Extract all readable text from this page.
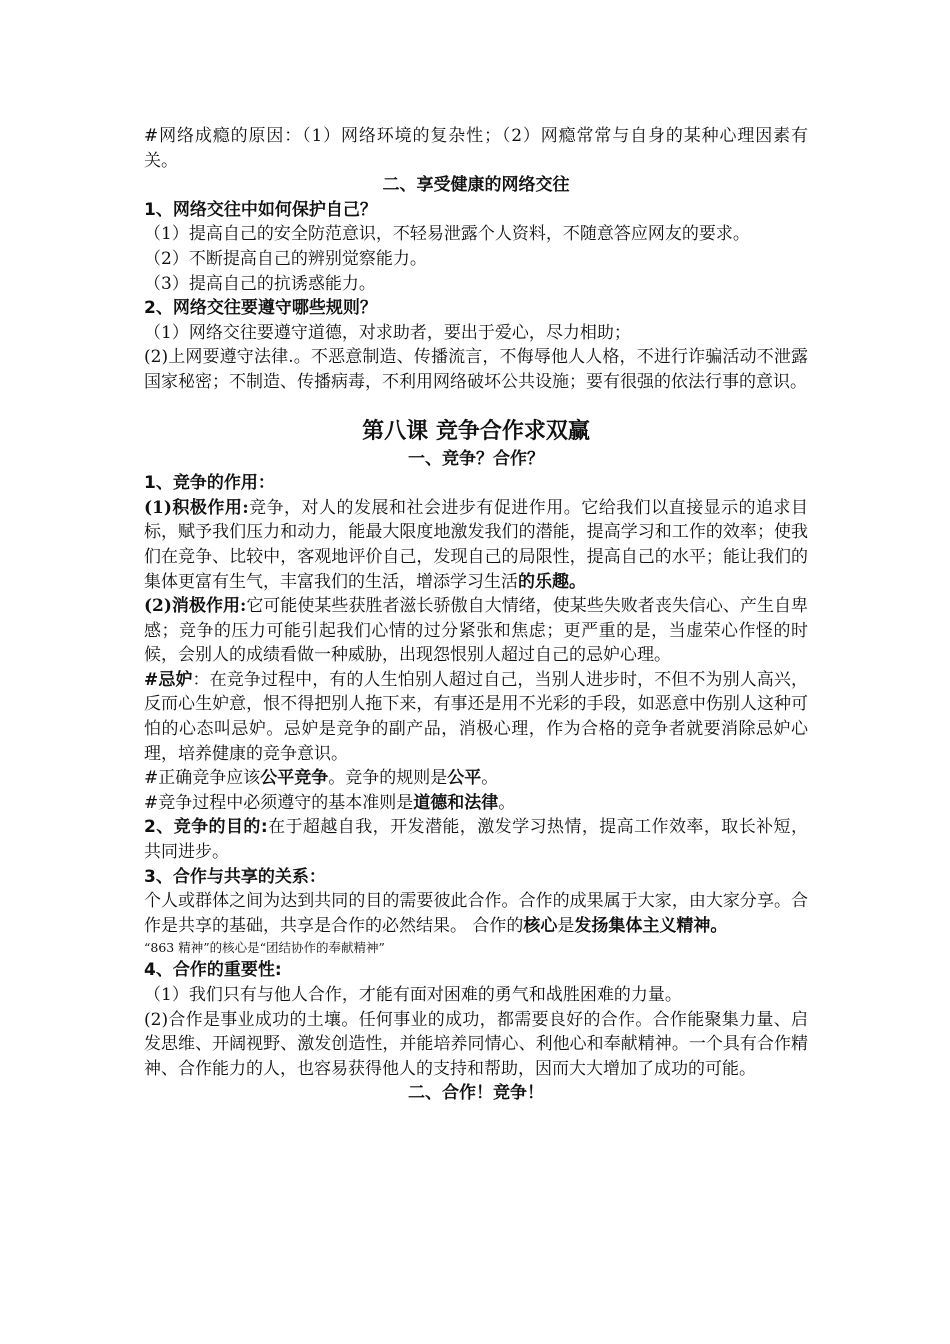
#网络成瘾的原因：（1）网络环境的复杂性；（2）网瘾常常与自身的某种心理因素有关。

二、享受健康的网络交往

1、网络交往中如何保护自己？

（1）提高自己的安全防范意识，不轻易泄露个人资料，不随意答应网友的要求。

（2）不断提高自己的辨别觉察能力。

（3）提高自己的抗诱惑能力。

2、网络交往要遵守哪些规则？

（1）网络交往要遵守道德，对求助者，要出于爱心，尽力相助；

(2)上网要遵守法律.。不恶意制造、传播流言，不侮辱他人人格，不进行诈骗活动不泄露国家秘密；不制造、传播病毒，不利用网络破坏公共设施；要有很强的依法行事的意识。

第八课 竞争合作求双赢

一、竞争？合作？

1、竞争的作用：

(1)积极作用:竞争，对人的发展和社会进步有促进作用。它给我们以直接显示的追求目标，赋予我们压力和动力，能最大限度地激发我们的潜能，提高学习和工作的效率；使我们在竞争、比较中，客观地评价自己，发现自己的局限性，提高自己的水平；能让我们的集体更富有生气，丰富我们的生活，增添学习生活的乐趣。

(2)消极作用:它可能使某些获胜者滋长骄傲自大情绪，使某些失败者丧失信心、产生自卑感；竞争的压力可能引起我们心情的过分紧张和焦虑；更严重的是，当虚荣心作怪的时候，会别人的成绩看做一种威胁，出现怨恨别人超过自己的忌妒心理。

#忌妒：在竞争过程中，有的人生怕别人超过自己，当别人进步时，不但不为别人高兴，反而心生妒意，恨不得把别人拖下来，有事还是用不光彩的手段，如恶意中伤别人这种可怕的心态叫忌妒。忌妒是竞争的副产品，消极心理，作为合格的竞争者就要消除忌妒心理，培养健康的竞争意识。

#正确竞争应该公平竞争。竞争的规则是公平。

#竞争过程中必须遵守的基本准则是道德和法律。

2、竞争的目的:在于超越自我，开发潜能，激发学习热情，提高工作效率，取长补短，共同进步。

3、合作与共享的关系：

个人或群体之间为达到共同的目的需要彼此合作。合作的成果属于大家，由大家分享。合作是共享的基础，共享是合作的必然结果。 合作的核心是发扬集体主义精神。

“863 精神”的核心是“团结协作的奉献精神”

4、合作的重要性:

（1）我们只有与他人合作，才能有面对困难的勇气和战胜困难的力量。

(2)合作是事业成功的土壤。任何事业的成功，都需要良好的合作。合作能聚集力量、启发思维、开阔视野、激发创造性，并能培养同情心、利他心和奉献精神。一个具有合作精神、合作能力的人，也容易获得他人的支持和帮助，因而大大增加了成功的可能。

二、合作！竞争！
